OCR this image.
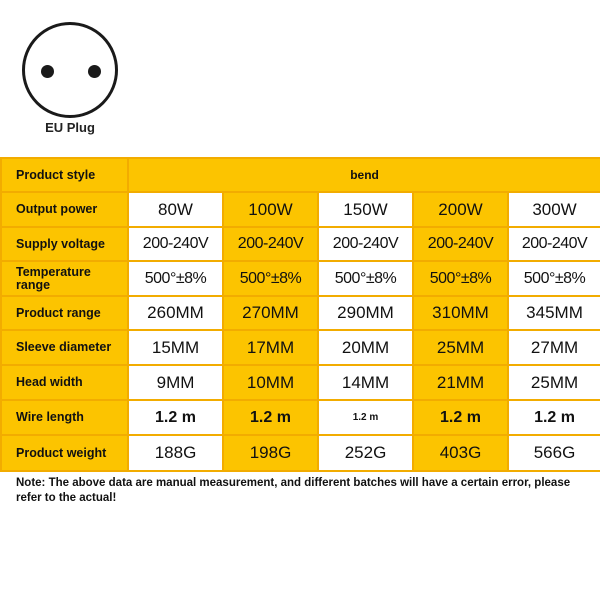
EU Plug
Product style	bend				
Output power	80W	100W	150W	200W	300W
Supply voltage	200-240V	200-240V	200-240V	200-240V	200-240V
Temperature range	500°±8%	500°±8%	500°±8%	500°±8%	500°±8%
Product range	260MM	270MM	290MM	310MM	345MM
Sleeve diameter	15MM	17MM	20MM	25MM	27MM
Head width	9MM	10MM	14MM	21MM	25MM
Wire length	1.2 m	1.2 m	1.2 m	1.2 m	1.2 m
Product weight	188G	198G	252G	403G	566G
Note: The above data are manual measurement, and different batches will have a certain error, please refer to the actual!
